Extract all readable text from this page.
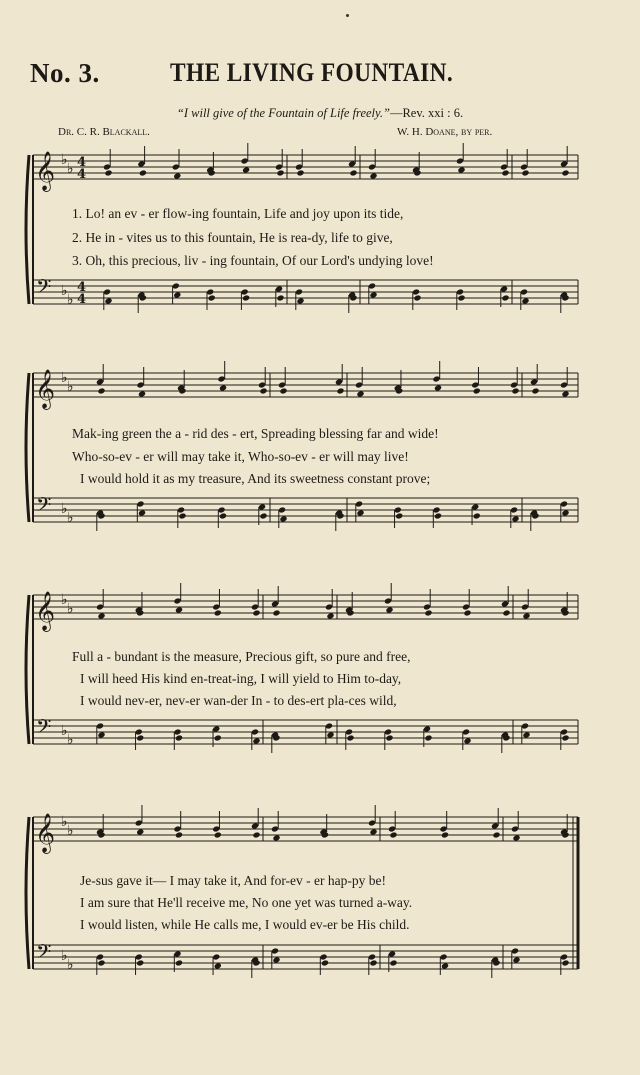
No. 3.	THE LIVING FOUNTAIN.
“I will give of the Fountain of Life freely.”—Rev. xxi : 6.
Dr. C. R. Blackall.	W. H. Doane, by per.
𝄞
𝄢
♭
♭
♭
♭
4
4
4
4
𝄞
𝄢
♭
♭
♭
♭
𝄞
𝄢
♭
♭
♭
♭
𝄞
𝄢
♭
♭
♭
♭
1. Lo! an ev - er flow-ing fountain, Life and joy upon its tide,
2. He in - vites us to this fountain, He is rea-dy, life to give,
3. Oh, this precious, liv - ing fountain, Of our Lord's undying love!
Mak-ing green the a - rid des - ert, Spreading blessing far and wide!
Who-so-ev - er will may take it, Who-so-ev - er will may live!
I would hold it as my treasure, And its sweetness constant prove;
Full a - bundant is the measure, Precious gift, so pure and free,
I will heed His kind en-treat-ing, I will yield to Him to-day,
I would nev-er, nev-er wan-der In - to des-ert pla-ces wild,
Je-sus gave it— I may take it, And for-ev - er hap-py be!
I am sure that He'll receive me, No one yet was turned a-way.
I would listen, while He calls me, I would ev-er be His child.
